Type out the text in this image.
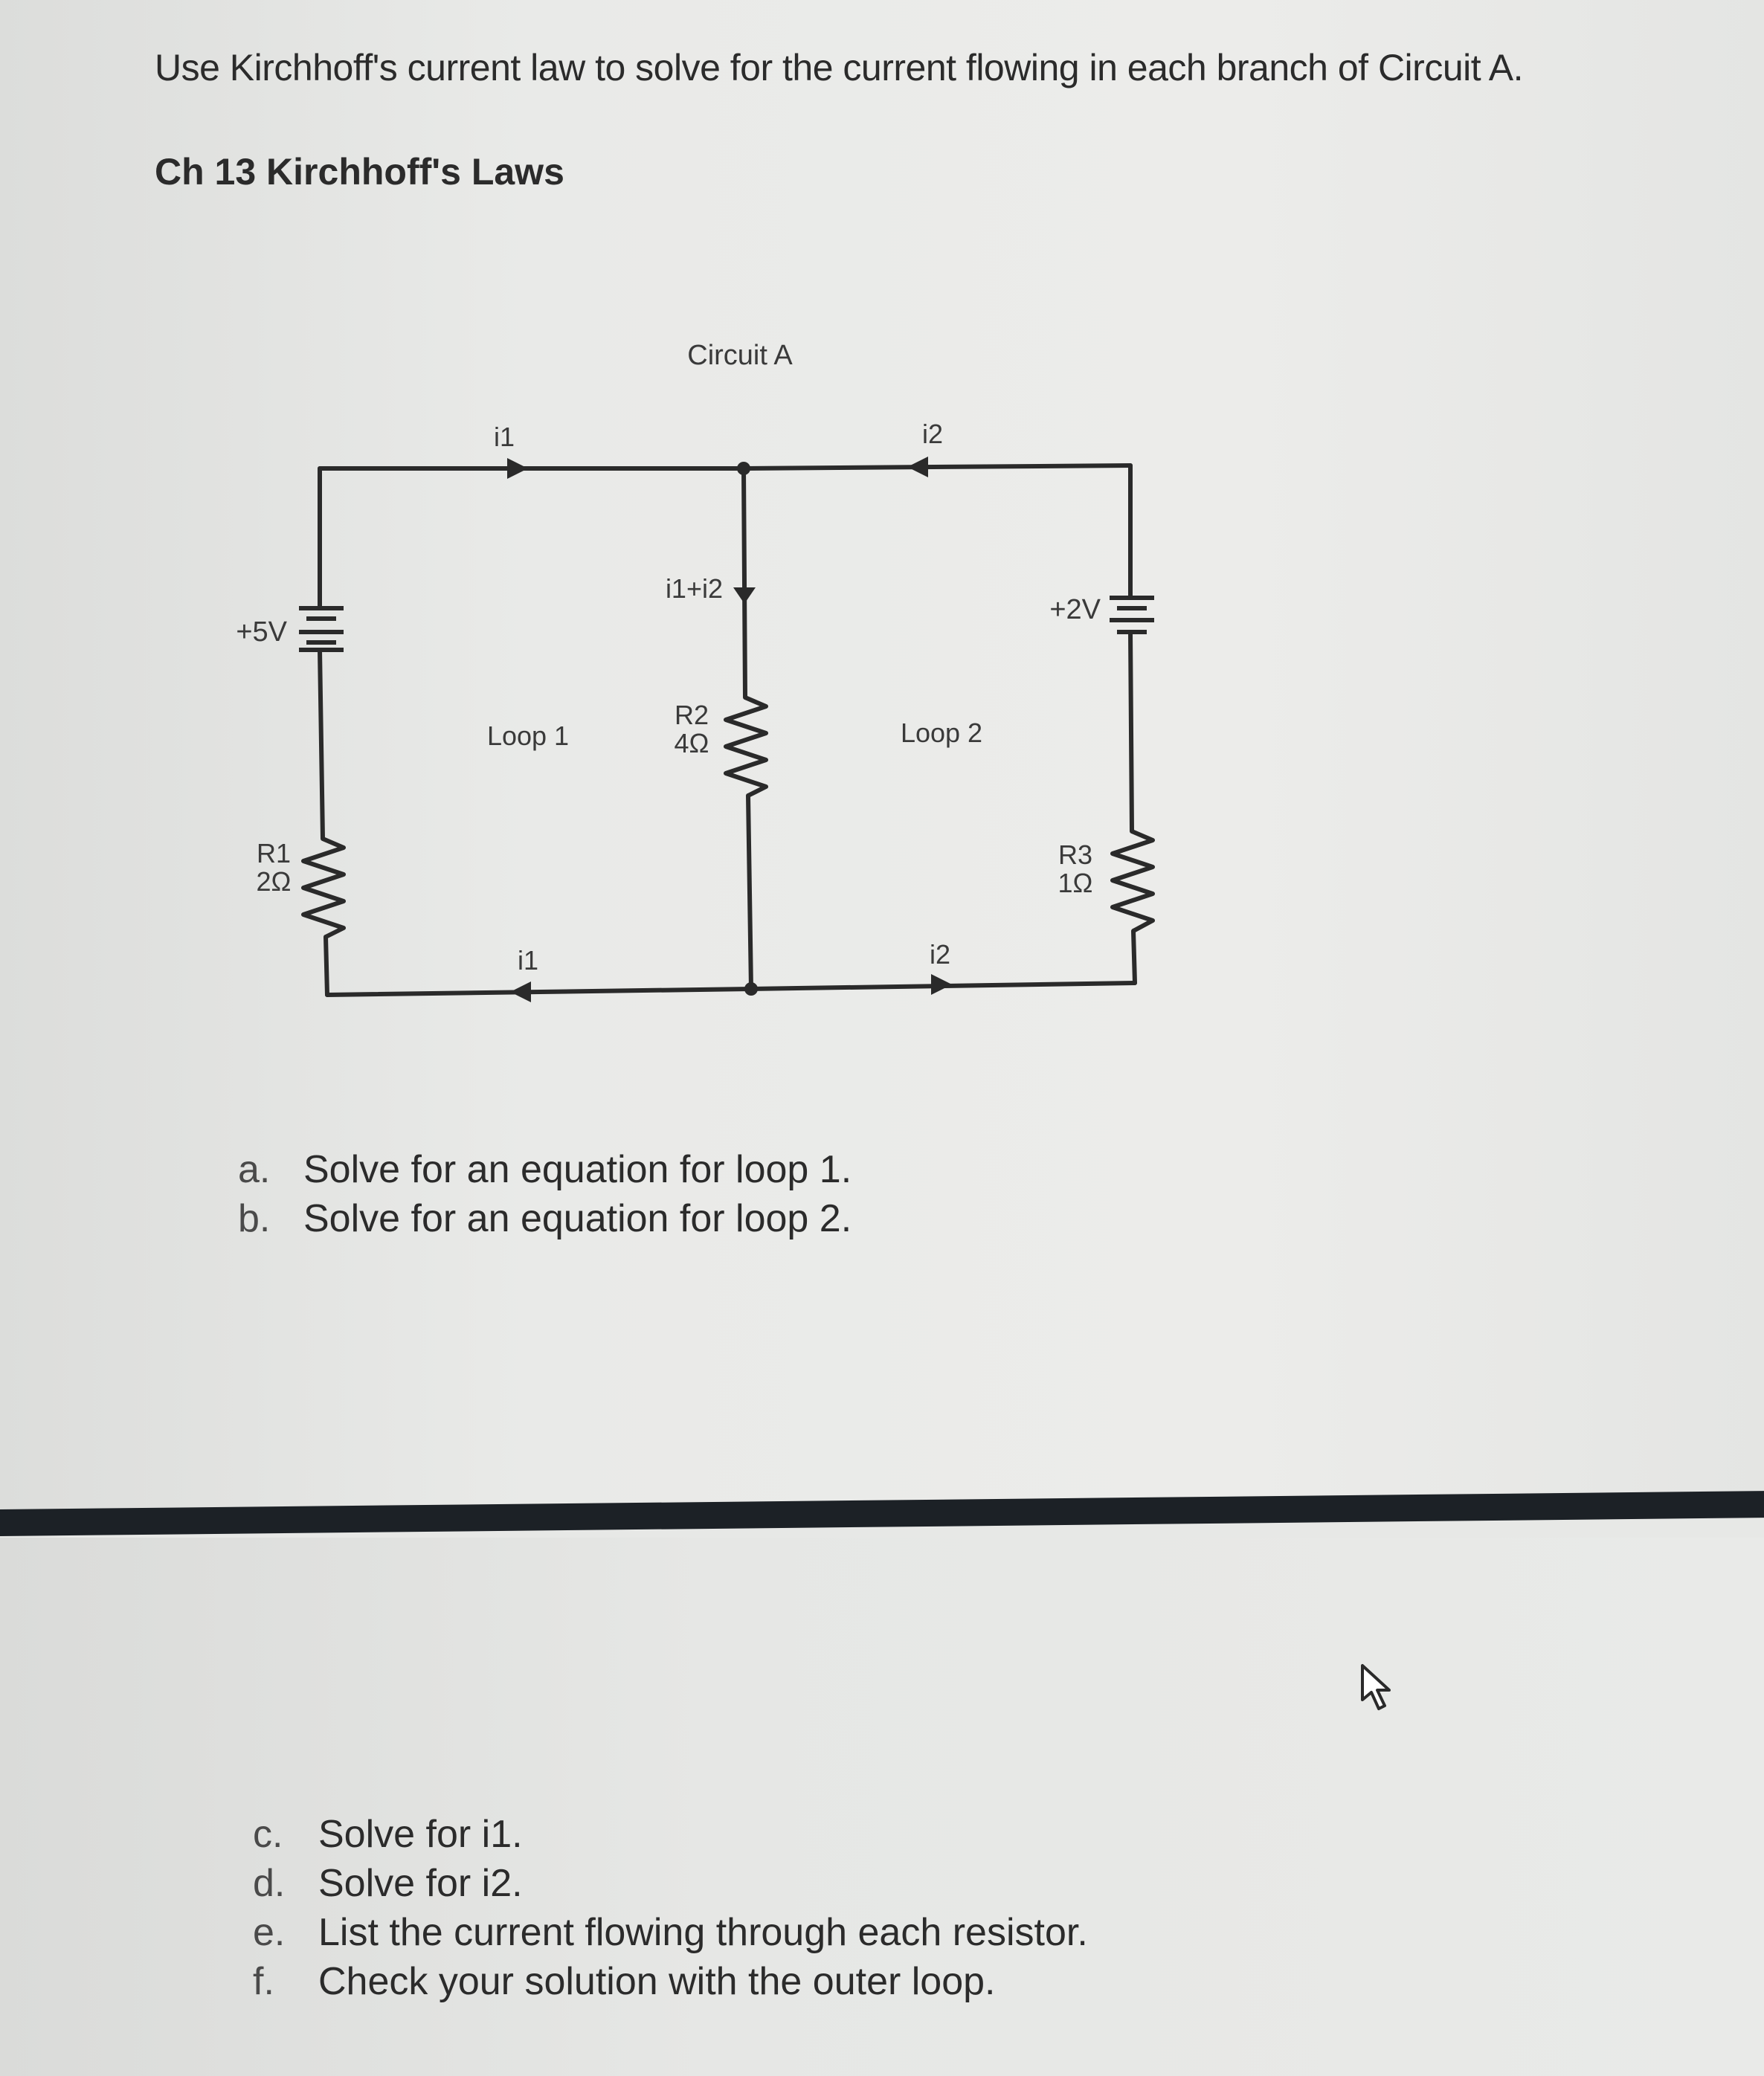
Use Kirchhoff's current law to solve for the current flowing in each branch of Circuit A.
Ch 13 Kirchhoff's Laws
Circuit A
i1	i2
i1+i2
+5V
+2V
Loop 1	Loop 2
R2
4Ω
R1
2Ω
R3
1Ω
i1	i2
a. Solve for an equation for loop 1.
b. Solve for an equation for loop 2.
c. Solve for i1.
d. Solve for i2.
e. List the current flowing through each resistor.
f.	Check your solution with the outer loop.
